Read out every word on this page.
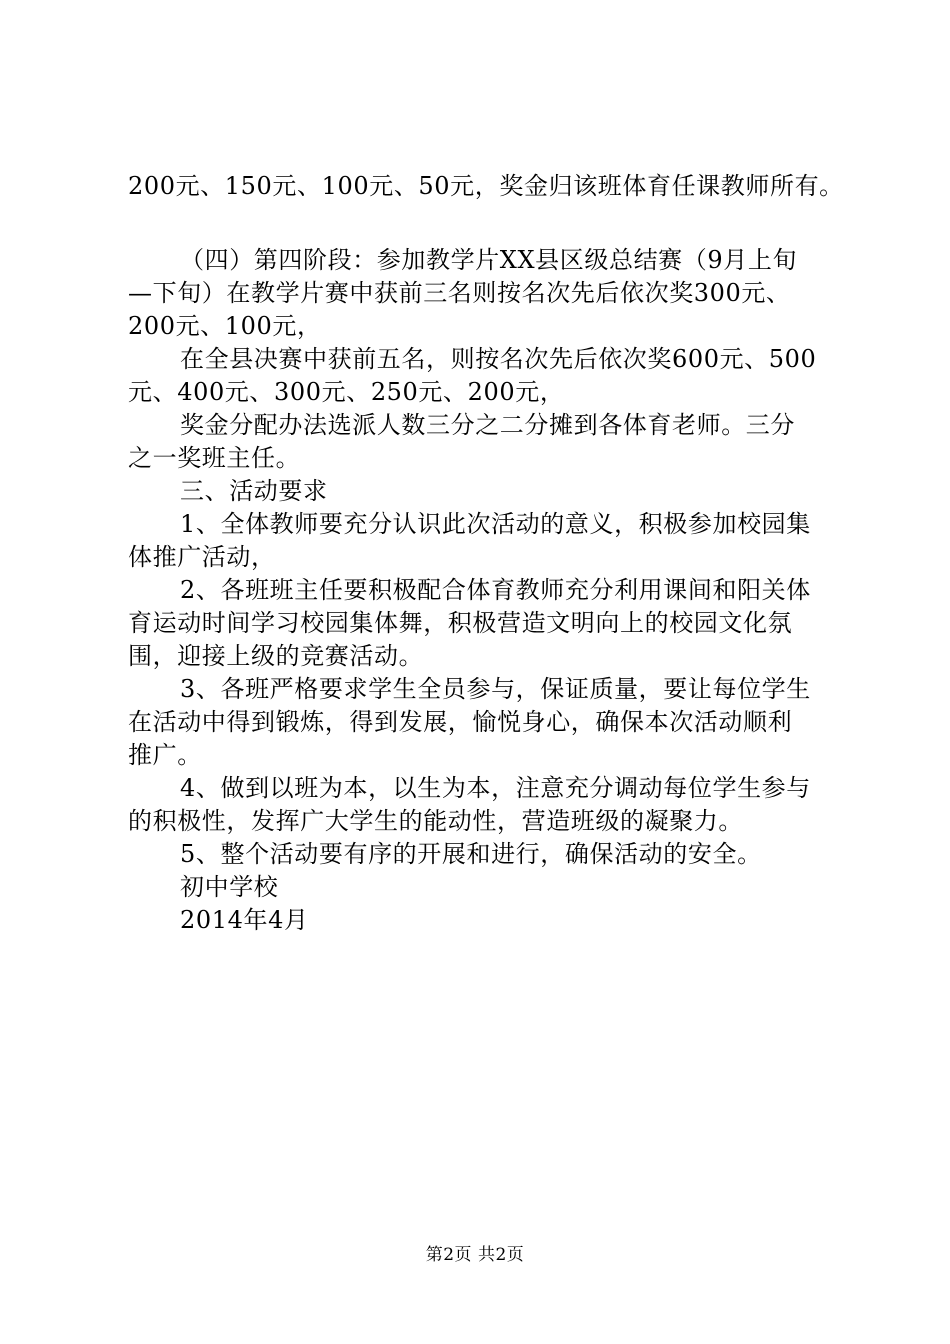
200元、150元、100元、50元，奖金归该班体育任课教师所有。
（四）第四阶段：参加教学片XX县区级总结赛（9月上旬
—下旬）在教学片赛中获前三名则按名次先后依次奖300元、
200元、100元，
在全县决赛中获前五名，则按名次先后依次奖600元、500
元、400元、300元、250元、200元，
奖金分配办法选派人数三分之二分摊到各体育老师。三分
之一奖班主任。
三、活动要求
1、全体教师要充分认识此次活动的意义，积极参加校园集
体推广活动，
2、各班班主任要积极配合体育教师充分利用课间和阳关体
育运动时间学习校园集体舞，积极营造文明向上的校园文化氛
围，迎接上级的竞赛活动。
3、各班严格要求学生全员参与，保证质量，要让每位学生
在活动中得到锻炼，得到发展，愉悦身心，确保本次活动顺利
推广。
4、做到以班为本，以生为本，注意充分调动每位学生参与
的积极性，发挥广大学生的能动性，营造班级的凝聚力。
5、整个活动要有序的开展和进行，确保活动的安全。
初中学校
2014年4月
第2页 共2页
